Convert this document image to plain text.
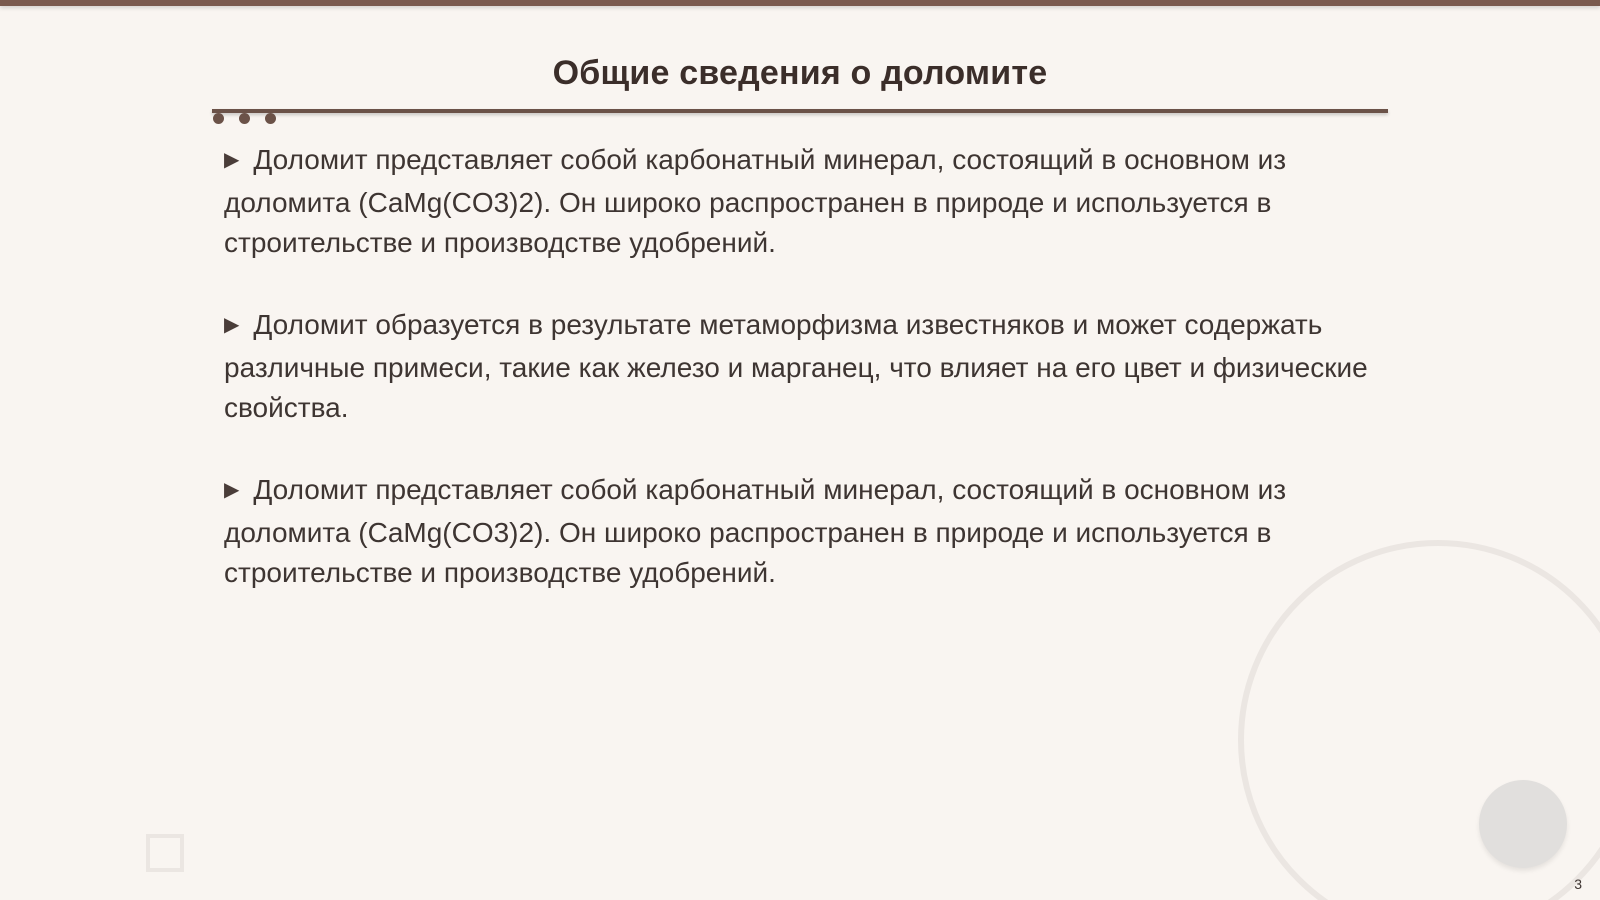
Общие сведения о доломите

▶ Доломит представляет собой карбонатный минерал, состоящий в основном из доломита (CaMg(CO3)2). Он широко распространен в природе и используется в строительстве и производстве удобрений.

▶ Доломит образуется в результате метаморфизма известняков и может содержать различные примеси, такие как железо и марганец, что влияет на его цвет и физические свойства.

▶ Доломит представляет собой карбонатный минерал, состоящий в основном из доломита (CaMg(CO3)2). Он широко распространен в природе и используется в строительстве и производстве удобрений.

3
